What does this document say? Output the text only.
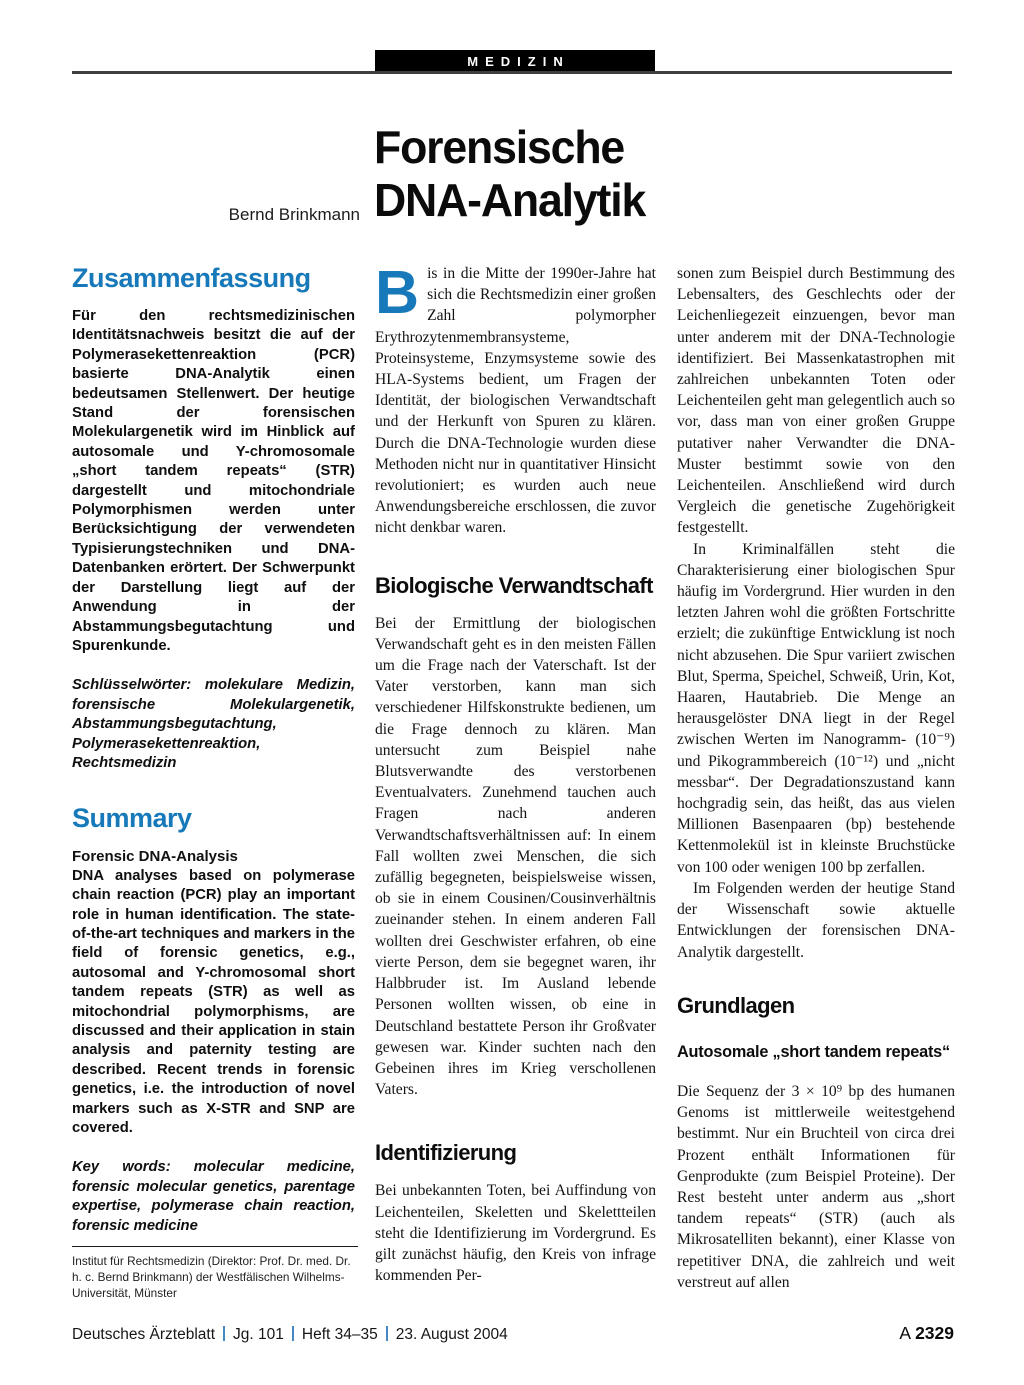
MEDIZIN
Forensische
DNA-Analytik
Bernd Brinkmann
Zusammenfassung

Für den rechtsmedizinischen Identitätsnachweis besitzt die auf der Polymerasekettenreaktion (PCR) basierte DNA-Analytik einen bedeutsamen Stellenwert. Der heutige Stand der forensischen Molekulargenetik wird im Hinblick auf autosomale und Y-chromosomale „short tandem repeats“ (STR) dargestellt und mitochondriale Polymorphismen werden unter Berücksichtigung der verwendeten Typisierungstechniken und DNA-Datenbanken erörtert. Der Schwerpunkt der Darstellung liegt auf der Anwendung in der Abstammungsbegutachtung und Spurenkunde.

Schlüsselwörter: molekulare Medizin, forensische Molekulargenetik, Abstammungsbegutachtung, Polymerasekettenreaktion, Rechtsmedizin

Summary

Forensic DNA-Analysis

DNA analyses based on polymerase chain reaction (PCR) play an important role in human identification. The state-of-the-art techniques and markers in the field of forensic genetics, e.g., autosomal and Y-chromosomal short tandem repeats (STR) as well as mitochondrial polymorphisms, are discussed and their application in stain analysis and paternity testing are described. Recent trends in forensic genetics, i.e. the introduction of novel markers such as X-STR and SNP are covered.

Key words: molecular medicine, forensic molecular genetics, parentage expertise, polymerase chain reaction, forensic medicine

Bis in die Mitte der 1990er-Jahre hat sich die Rechtsmedizin einer großen Zahl polymorpher Erythrozytenmembransysteme, Proteinsysteme, Enzymsysteme sowie des HLA-Systems bedient, um Fragen der Identität, der biologischen Verwandtschaft und der Herkunft von Spuren zu klären. Durch die DNA-Technologie wurden diese Methoden nicht nur in quantitativer Hinsicht revolutioniert; es wurden auch neue Anwendungsbereiche erschlossen, die zuvor nicht denkbar waren.

Biologische Verwandtschaft

Bei der Ermittlung der biologischen Verwandschaft geht es in den meisten Fällen um die Frage nach der Vaterschaft. Ist der Vater verstorben, kann man sich verschiedener Hilfskonstrukte bedienen, um die Frage dennoch zu klären. Man untersucht zum Beispiel nahe Blutsverwandte des verstorbenen Eventualvaters. Zunehmend tauchen auch Fragen nach anderen Verwandtschaftsverhältnissen auf: In einem Fall wollten zwei Menschen, die sich zufällig begegneten, beispielsweise wissen, ob sie in einem Cousinen/Cousinverhältnis zueinander stehen. In einem anderen Fall wollten drei Geschwister erfahren, ob eine vierte Person, dem sie begegnet waren, ihr Halbbruder ist. Im Ausland lebende Personen wollten wissen, ob eine in Deutschland bestattete Person ihr Großvater gewesen war. Kinder suchten nach den Gebeinen ihres im Krieg verschollenen Vaters.

Identifizierung

Bei unbekannten Toten, bei Auffindung von Leichenteilen, Skeletten und Skelettteilen steht die Identifizierung im Vordergrund. Es gilt zunächst häufig, den Kreis von infrage kommenden Per-

sonen zum Beispiel durch Bestimmung des Lebensalters, des Geschlechts oder der Leichenliegezeit einzuengen, bevor man unter anderem mit der DNA-Technologie identifiziert. Bei Massenkatastrophen mit zahlreichen unbekannten Toten oder Leichenteilen geht man gelegentlich auch so vor, dass man von einer großen Gruppe putativer naher Verwandter die DNA-Muster bestimmt sowie von den Leichenteilen. Anschließend wird durch Vergleich die genetische Zugehörigkeit festgestellt.

In Kriminalfällen steht die Charakterisierung einer biologischen Spur häufig im Vordergrund. Hier wurden in den letzten Jahren wohl die größten Fortschritte erzielt; die zukünftige Entwicklung ist noch nicht abzusehen. Die Spur variiert zwischen Blut, Sperma, Speichel, Schweiß, Urin, Kot, Haaren, Hautabrieb. Die Menge an herausgelöster DNA liegt in der Regel zwischen Werten im Nanogramm- (10⁻⁹) und Pikogrammbereich (10⁻¹²) und „nicht messbar“. Der Degradationszustand kann hochgradig sein, das heißt, das aus vielen Millionen Basenpaaren (bp) bestehende Kettenmolekül ist in kleinste Bruchstücke von 100 oder wenigen 100 bp zerfallen.

Im Folgenden werden der heutige Stand der Wissenschaft sowie aktuelle Entwicklungen der forensischen DNA-Analytik dargestellt.

Grundlagen
Autosomale „short tandem repeats“

Die Sequenz der 3 × 10⁹ bp des humanen Genoms ist mittlerweile weitestgehend bestimmt. Nur ein Bruchteil von circa drei Prozent enthält Informationen für Genprodukte (zum Beispiel Proteine). Der Rest besteht unter anderm aus „short tandem repeats“ (STR) (auch als Mikrosatelliten bekannt), einer Klasse von repetitiver DNA, die zahlreich und weit verstreut auf allen

Institut für Rechtsmedizin (Direktor: Prof. Dr. med. Dr. h. c. Bernd Brinkmann) der Westfälischen Wilhelms-Universität, Münster
Deutsches Ärzteblatt Jg. 101 Heft 34–35 23. August 2004	A 2329
